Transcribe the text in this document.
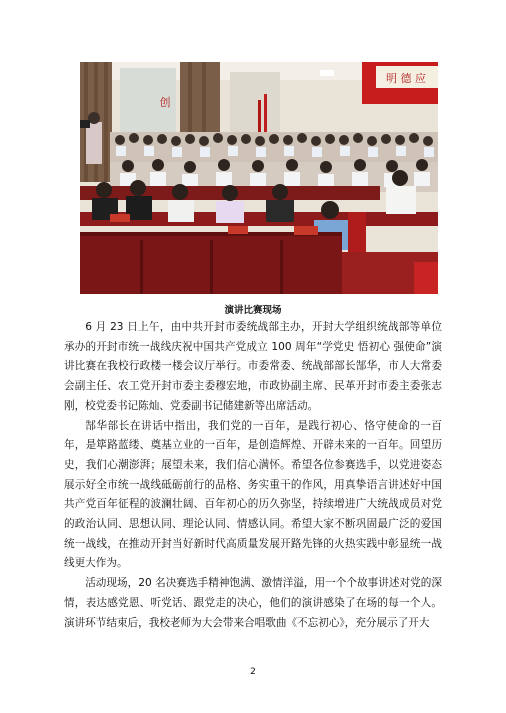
明 德 应
创
演讲比赛现场

6 月 23 日上午，由中共开封市委统战部主办，开封大学组织统战部等单位承办的开封市统一战线庆祝中国共产党成立 100 周年“学党史 悟初心 强使命”演讲比赛在我校行政楼一楼会议厅举行。市委常委、统战部部长郜华，市人大常委会副主任、农工党开封市委主委穆宏地，市政协副主席、民革开封市委主委张志刚，校党委书记陈灿、党委副书记储建新等出席活动。

郜华部长在讲话中指出，我们党的一百年，是践行初心、恪守使命的一百年，是筚路蓝缕、奠基立业的一百年，是创造辉煌、开辟未来的一百年。回望历史，我们心潮澎湃；展望未来，我们信心满怀。希望各位参赛选手，以党进姿态展示好全市统一战线砥砺前行的品格、务实重干的作风，用真挚语言讲述好中国共产党百年征程的波澜壮阔、百年初心的历久弥坚，持续增进广大统战成员对党的政治认同、思想认同、理论认同、情感认同。希望大家不断巩固最广泛的爱国统一战线，在推动开封当好新时代高质量发展开路先锋的火热实践中彰显统一战线更大作为。

活动现场，20 名决赛选手精神饱满、激情洋溢，用一个个故事讲述对党的深情，表达感党恩、听党话、跟党走的决心，他们的演讲感染了在场的每一个人。演讲环节结束后，我校老师为大会带来合唱歌曲《不忘初心》，充分展示了开大

2
